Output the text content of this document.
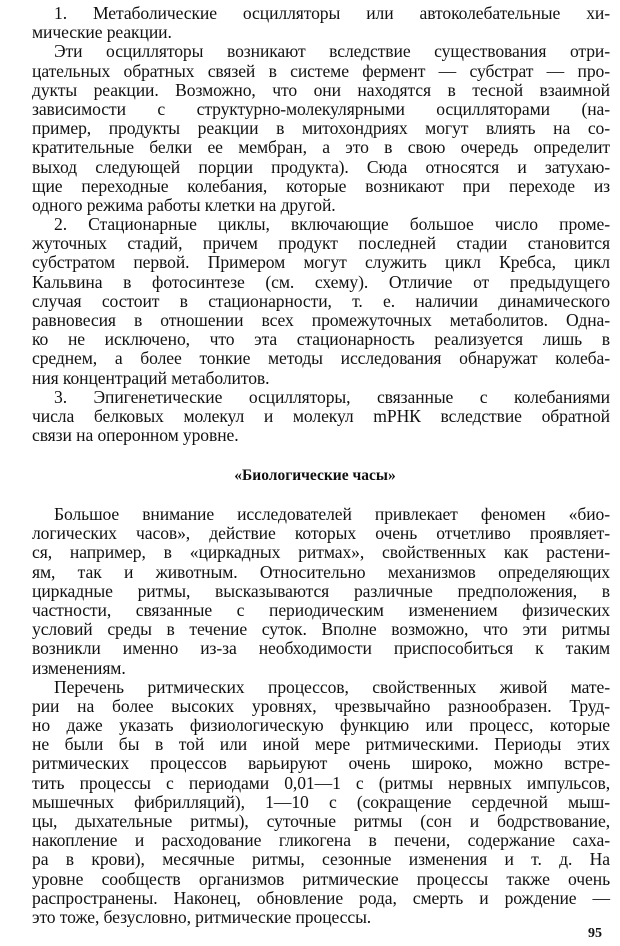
1. Метаболические осцилляторы или автоколебательные хи-
мические реакции.
Эти осцилляторы возникают вследствие существования отри-
цательных обратных связей в системе фермент — субстрат — про-
дукты реакции. Возможно, что они находятся в тесной взаимной
зависимости с структурно-молекулярными осцилляторами (на-
пример, продукты реакции в митохондриях могут влиять на со-
кратительные белки ее мембран, а это в свою очередь определит
выход следующей порции продукта). Сюда относятся и затухаю-
щие переходные колебания, которые возникают при переходе из
одного режима работы клетки на другой.
2. Стационарные циклы, включающие большое число проме-
жуточных стадий, причем продукт последней стадии становится
субстратом первой. Примером могут служить цикл Кребса, цикл
Кальвина в фотосинтезе (см. схему). Отличие от предыдущего
случая состоит в стационарности, т. е. наличии динамического
равновесия в отношении всех промежуточных метаболитов. Одна-
ко не исключено, что эта стационарность реализуется лишь в
среднем, а более тонкие методы исследования обнаружат колеба-
ния концентраций метаболитов.
3. Эпигенетические осцилляторы, связанные с колебаниями
числа белковых молекул и молекул mРНК вследствие обратной
связи на оперонном уровне.
«Биологические часы»
Большое внимание исследователей привлекает феномен «био-
логических часов», действие которых очень отчетливо проявляет-
ся, например, в «циркадных ритмах», свойственных как растени-
ям, так и животным. Относительно механизмов определяющих
циркадные ритмы, высказываются различные предположения, в
частности, связанные с периодическим изменением физических
условий среды в течение суток. Вполне возможно, что эти ритмы
возникли именно из-за необходимости приспособиться к таким
изменениям.
Перечень ритмических процессов, свойственных живой мате-
рии на более высоких уровнях, чрезвычайно разнообразен. Труд-
но даже указать физиологическую функцию или процесс, которые
не были бы в той или иной мере ритмическими. Периоды этих
ритмических процессов варьируют очень широко, можно встре-
тить процессы с периодами 0,01—1 с (ритмы нервных импульсов,
мышечных фибрилляций), 1—10 с (сокращение сердечной мыш-
цы, дыхательные ритмы), суточные ритмы (сон и бодрствование,
накопление и расходование гликогена в печени, содержание саха-
ра в крови), месячные ритмы, сезонные изменения и т. д. На
уровне сообществ организмов ритмические процессы также очень
распространены. Наконец, обновление рода, смерть и рождение —
это тоже, безусловно, ритмические процессы.
95
